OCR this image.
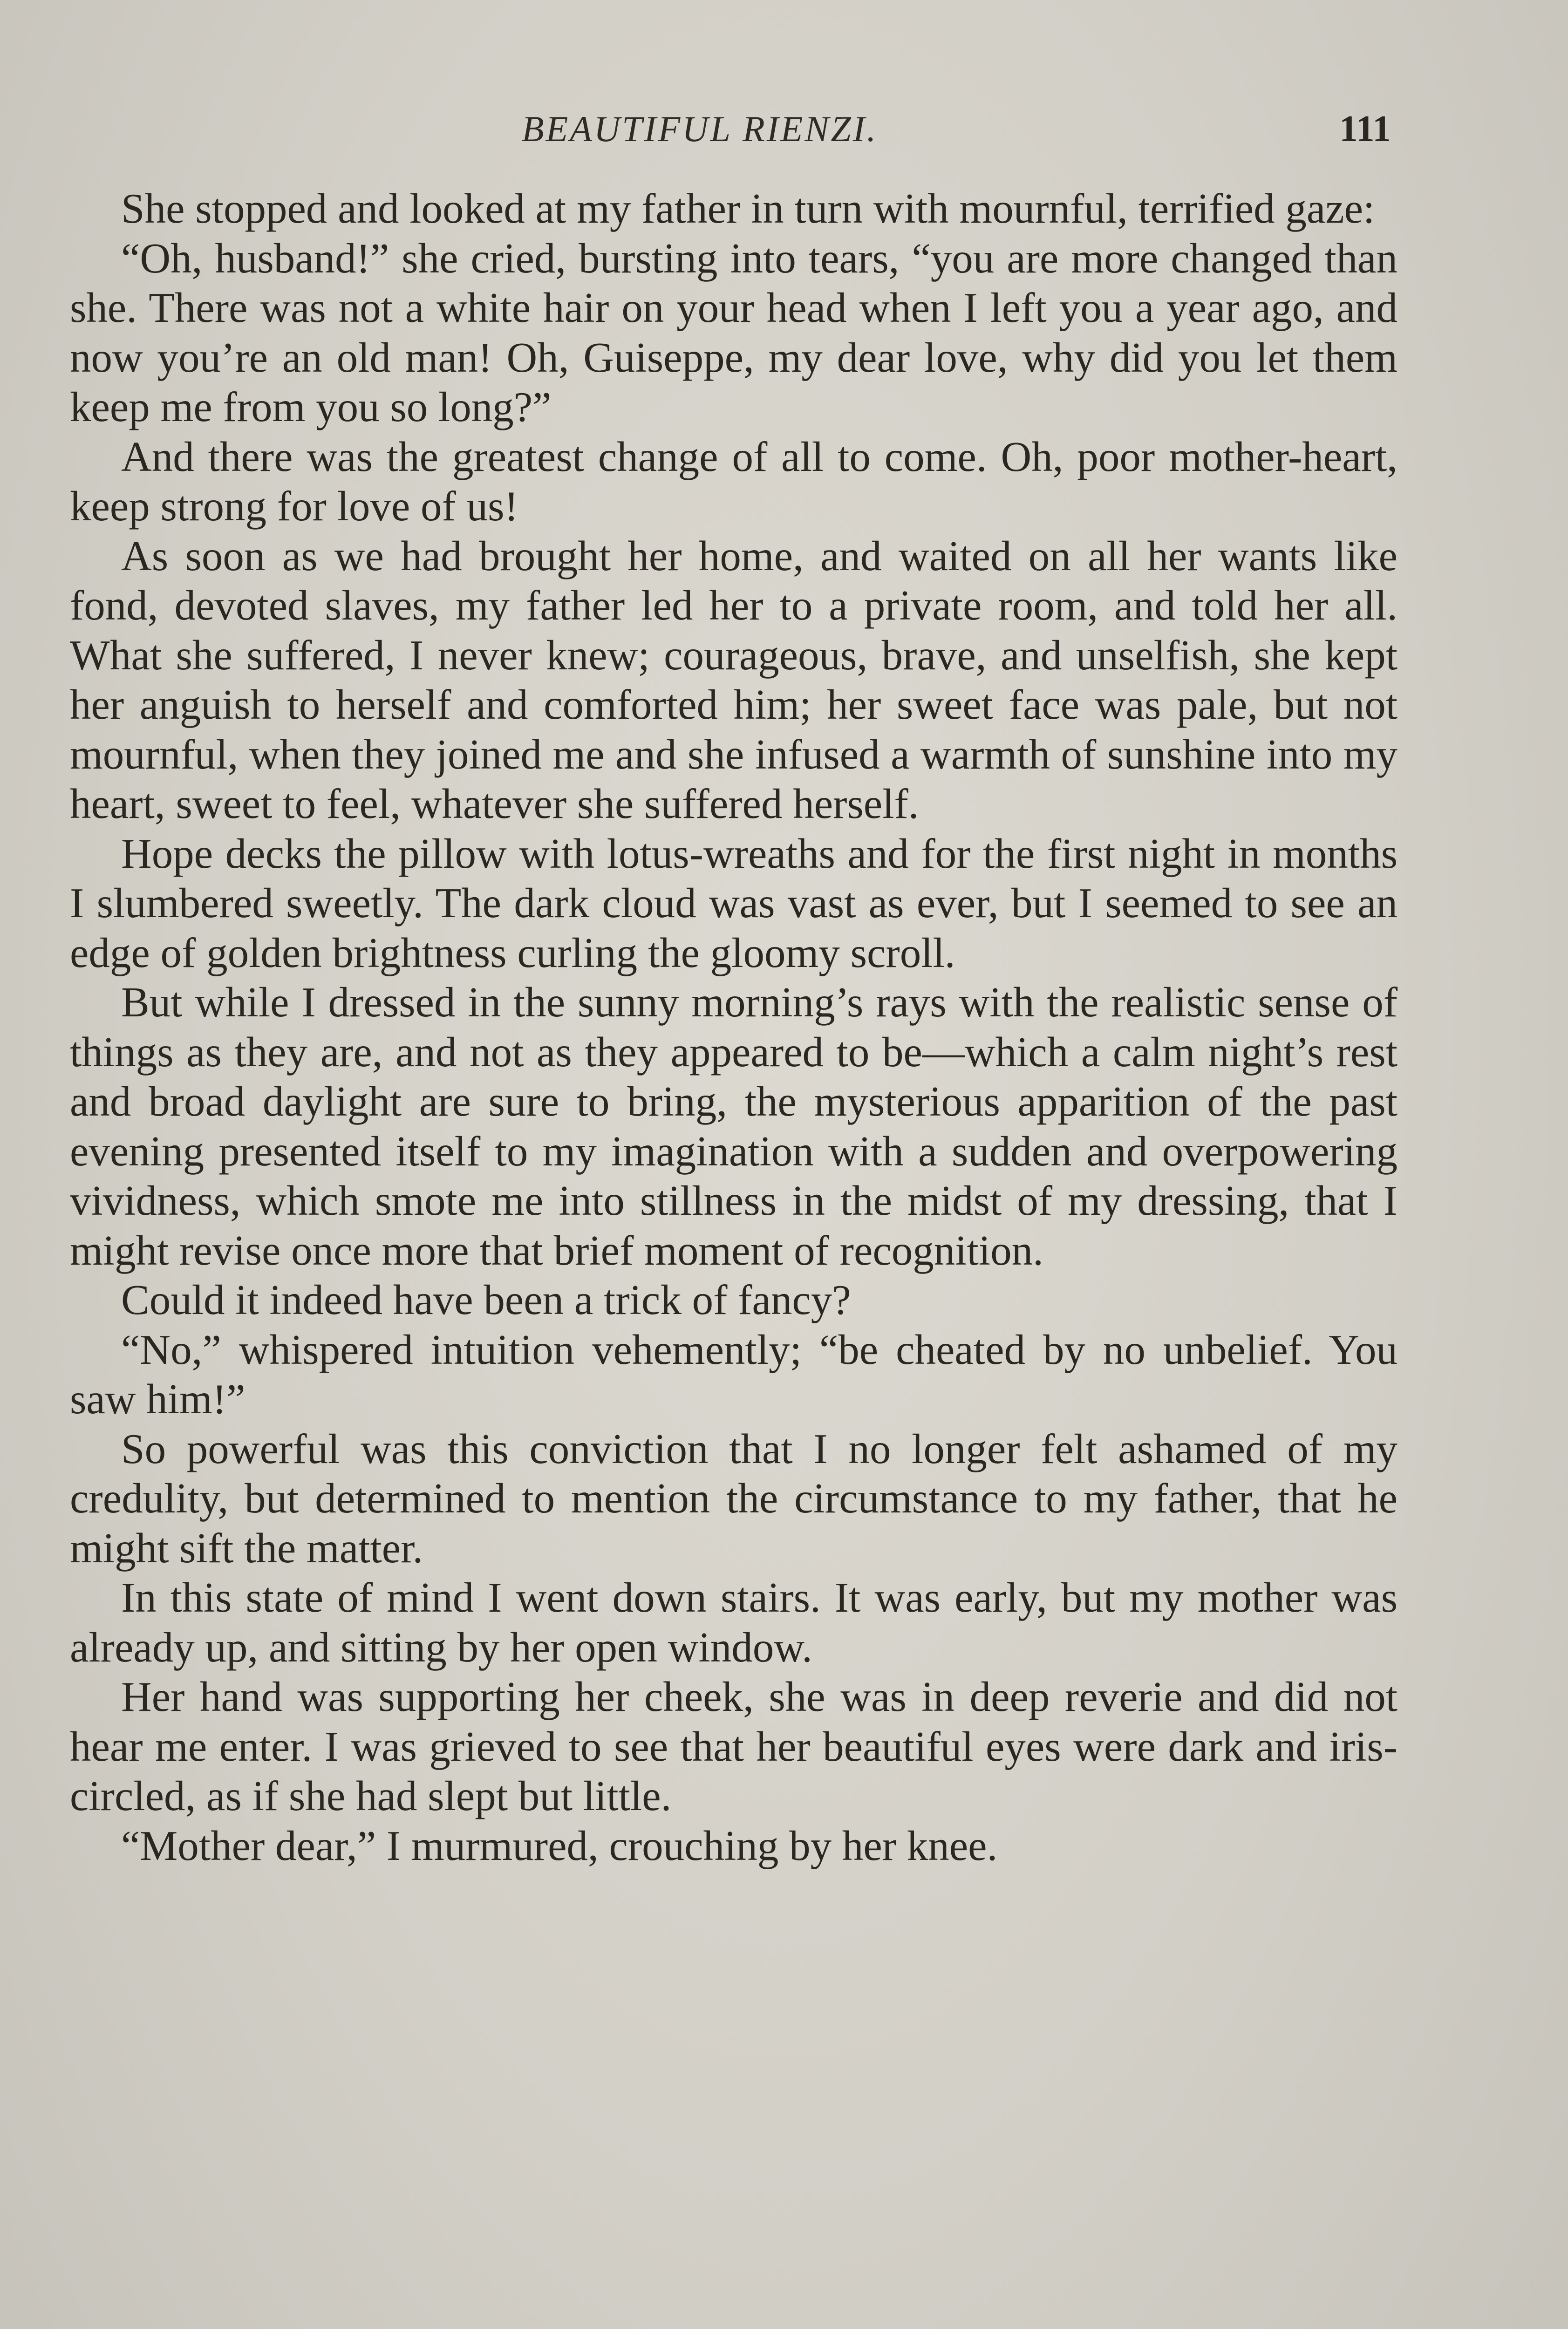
BEAUTIFUL RIENZI.	111

She stopped and looked at my father in turn with mournful, terrified gaze:

“Oh, husband!” she cried, bursting into tears, “you are more changed than she. There was not a white hair on your head when I left you a year ago, and now you’re an old man! Oh, Guiseppe, my dear love, why did you let them keep me from you so long?”

And there was the greatest change of all to come. Oh, poor mother-heart, keep strong for love of us!

As soon as we had brought her home, and waited on all her wants like fond, devoted slaves, my father led her to a private room, and told her all. What she suffered, I never knew; courageous, brave, and unselfish, she kept her anguish to herself and comforted him; her sweet face was pale, but not mournful, when they joined me and she infused a warmth of sunshine into my heart, sweet to feel, whatever she suffered herself.

Hope decks the pillow with lotus-wreaths and for the first night in months I slumbered sweetly. The dark cloud was vast as ever, but I seemed to see an edge of golden brightness curling the gloomy scroll.

But while I dressed in the sunny morning’s rays with the realistic sense of things as they are, and not as they appeared to be—which a calm night’s rest and broad daylight are sure to bring, the mysterious apparition of the past evening presented itself to my imagination with a sudden and overpowering vividness, which smote me into stillness in the midst of my dressing, that I might revise once more that brief moment of recognition.

Could it indeed have been a trick of fancy?

“No,” whispered intuition vehemently; “be cheated by no unbelief. You saw him!”

So powerful was this conviction that I no longer felt ashamed of my credulity, but determined to mention the circumstance to my father, that he might sift the matter.

In this state of mind I went down stairs. It was early, but my mother was already up, and sitting by her open window.

Her hand was supporting her cheek, she was in deep reverie and did not hear me enter. I was grieved to see that her beautiful eyes were dark and iris-circled, as if she had slept but little.

“Mother dear,” I murmured, crouching by her knee.
